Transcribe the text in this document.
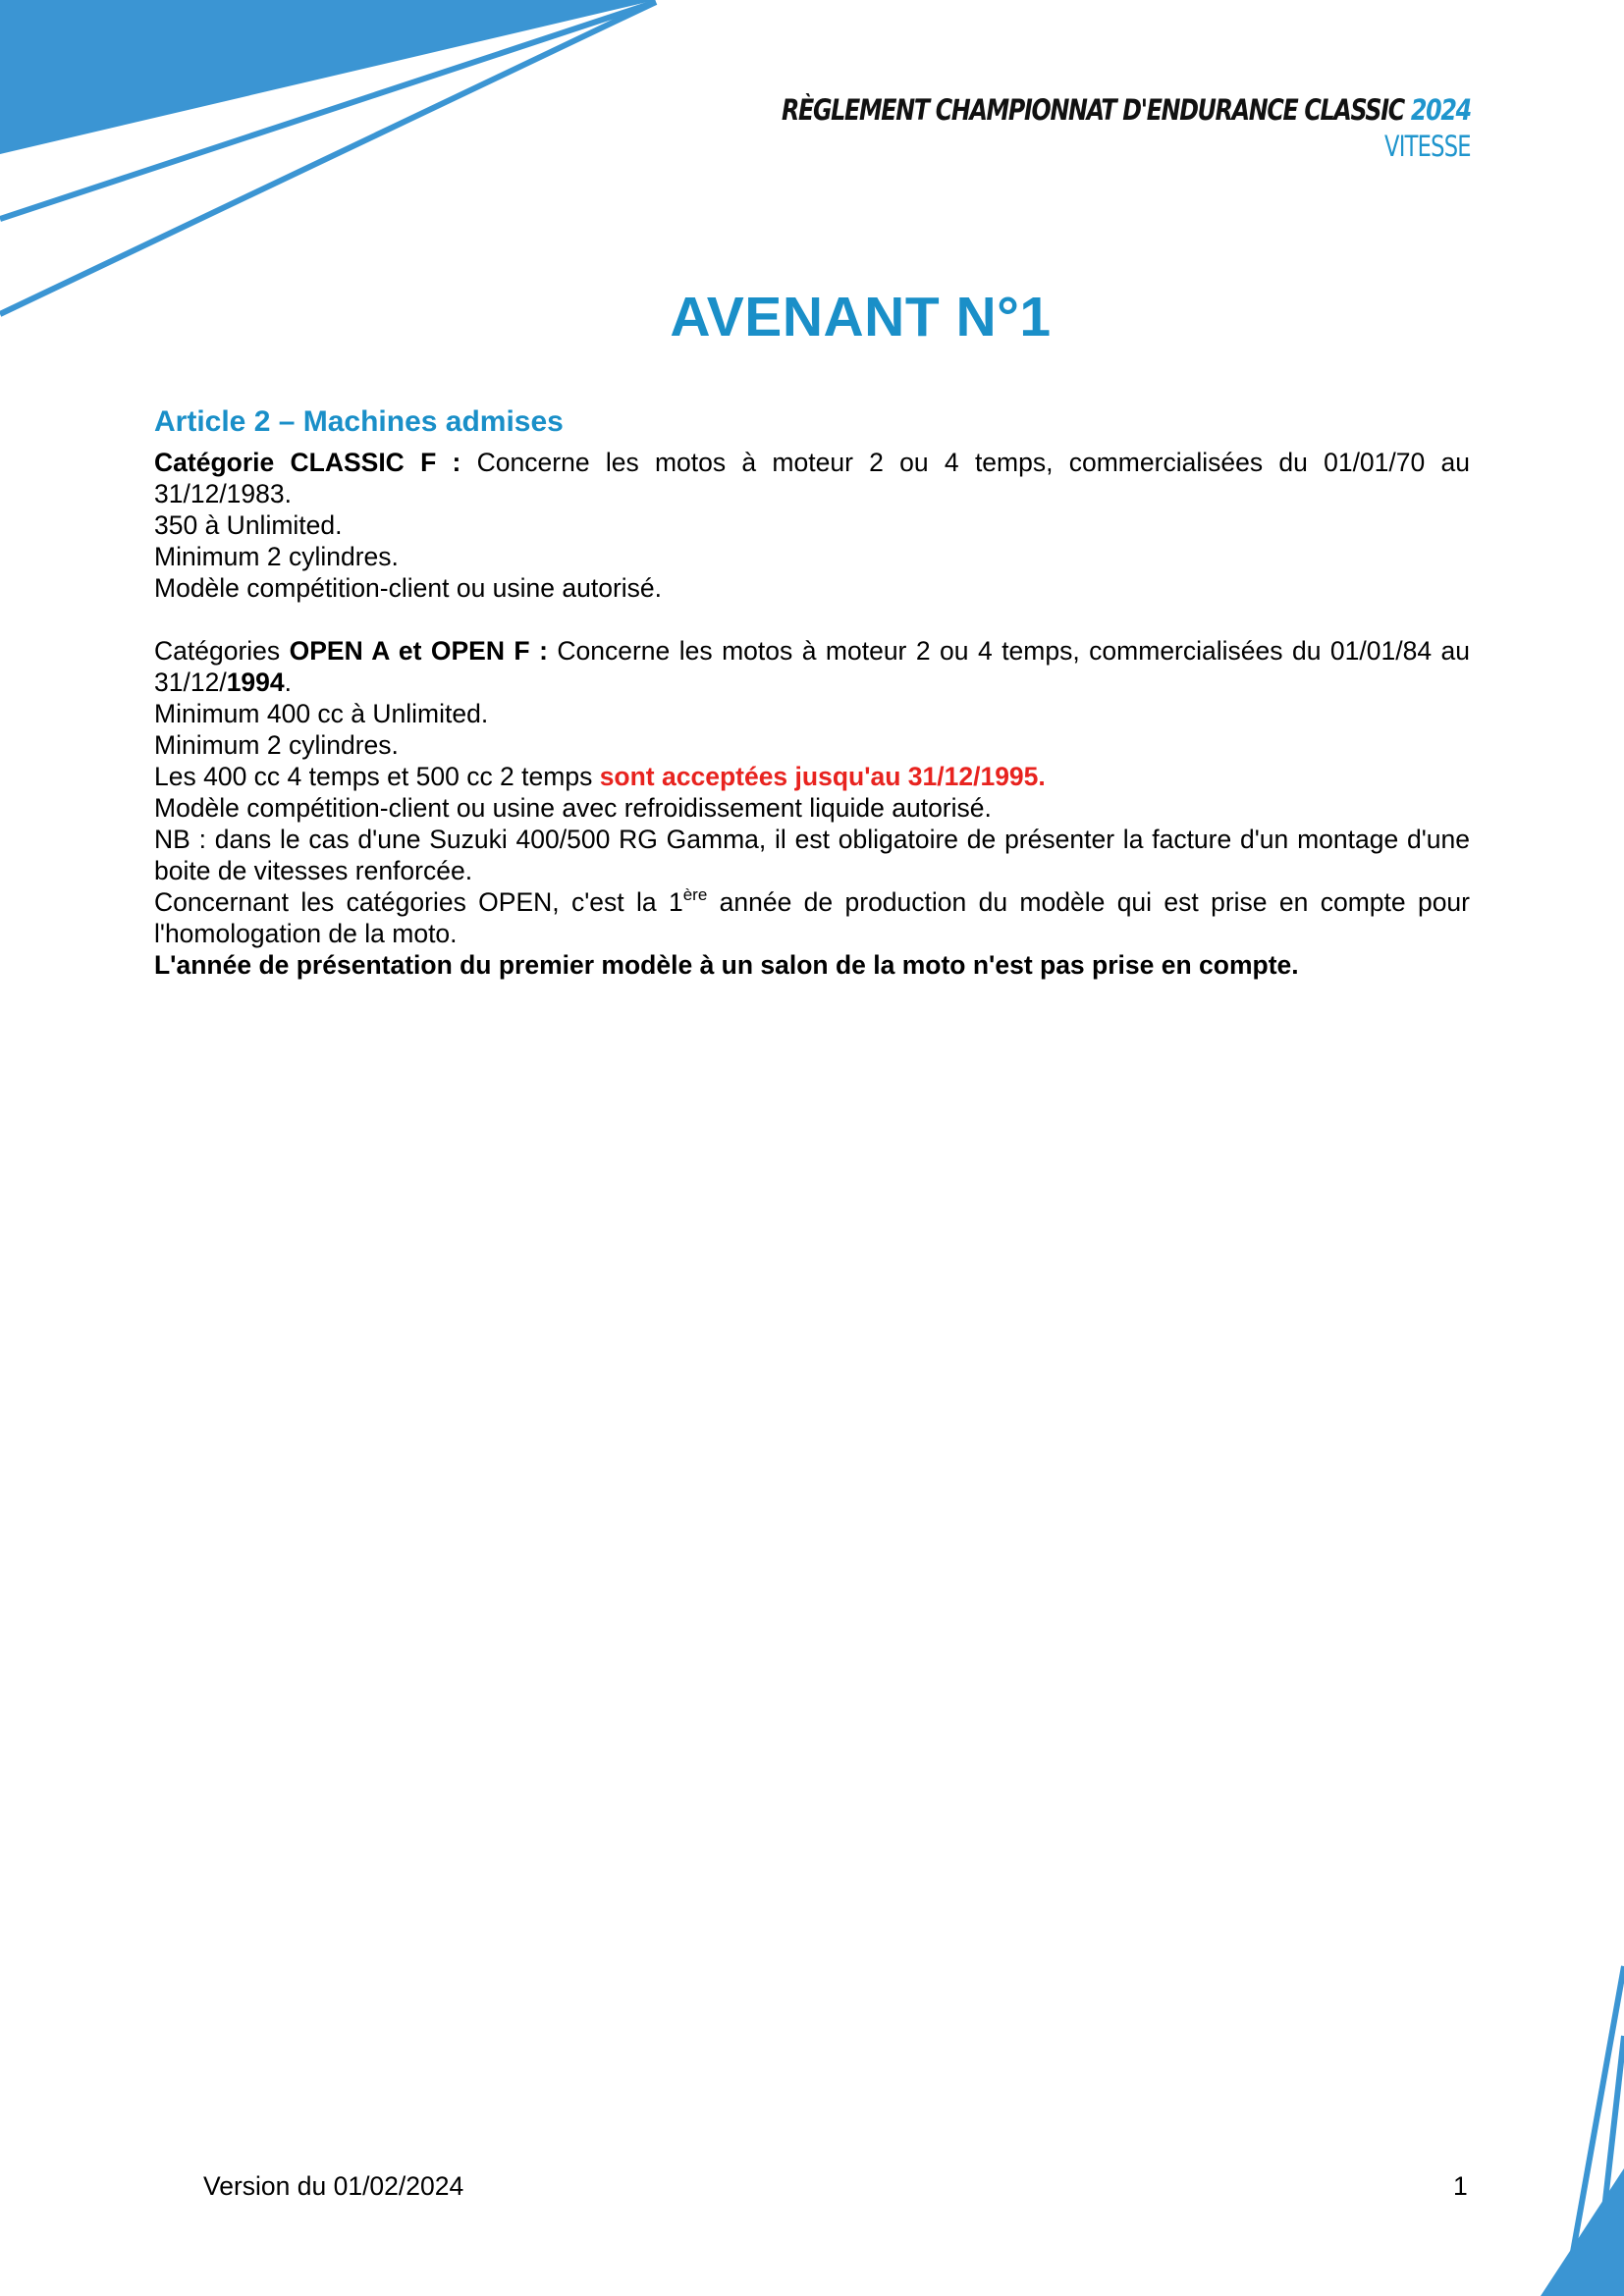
RÈGLEMENT CHAMPIONNAT D'ENDURANCE CLASSIC 2024
VITESSE
AVENANT N°1
Article 2 – Machines admises

Catégorie CLASSIC F : Concerne les motos à moteur 2 ou 4 temps, commercialisées du 01/01/70 au 31/12/1983.

350 à Unlimited.

Minimum 2 cylindres.

Modèle compétition-client ou usine autorisé.

Catégories OPEN A et OPEN F : Concerne les motos à moteur 2 ou 4 temps, commercialisées du 01/01/84 au 31/12/1994.

Minimum 400 cc à Unlimited.

Minimum 2 cylindres.

Les 400 cc 4 temps et 500 cc 2 temps sont acceptées jusqu'au 31/12/1995.

Modèle compétition-client ou usine avec refroidissement liquide autorisé.

NB : dans le cas d'une Suzuki 400/500 RG Gamma, il est obligatoire de présenter la facture d'un montage d'une boite de vitesses renforcée.

Concernant les catégories OPEN, c'est la 1ère année de production du modèle qui est prise en compte pour l'homologation de la moto.

L'année de présentation du premier modèle à un salon de la moto n'est pas prise en compte.

Version du 01/02/2024	1
